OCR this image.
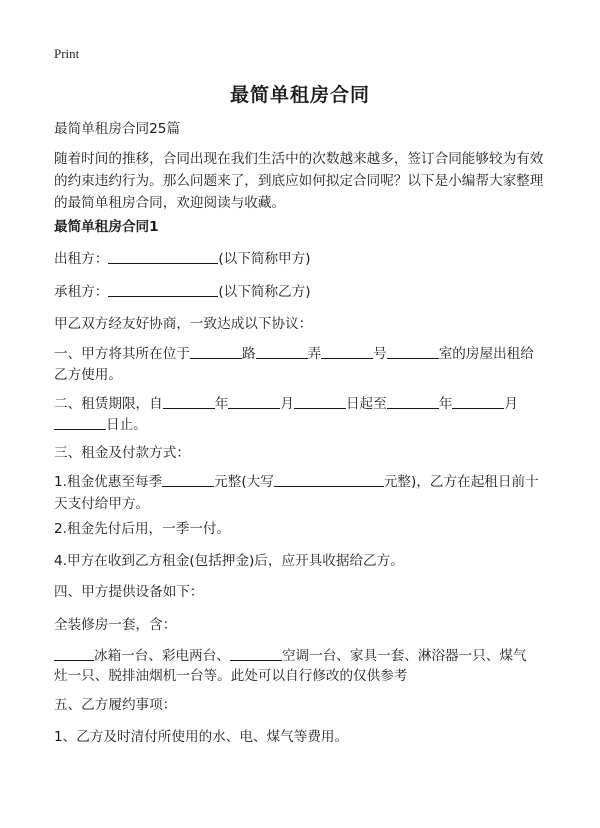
Print
最简单租房合同
最简单租房合同25篇
随着时间的推移，合同出现在我们生活中的次数越来越多，签订合同能够较为有效的约束违约行为。那么问题来了，到底应如何拟定合同呢？以下是小编帮大家整理的最简单租房合同，欢迎阅读与收藏。
最简单租房合同1
出租方：	(以下简称甲方)
承租方：	(以下简称乙方)
甲乙双方经友好协商，一致达成以下协议：
一、甲方将其所在位于	路	弄	号	室的房屋出租给
乙方使用。
二、租赁期限，自	年	月	日起至	年	月
日止。
三、租金及付款方式：
1.租金优惠至每季	元整(大写	元整)，乙方在起租日前十
天支付给甲方。
2.租金先付后用，一季一付。
4.甲方在收到乙方租金(包括押金)后，应开具收据给乙方。
四、甲方提供设备如下：
全装修房一套，含：
冰箱一台、彩电两台、	空调一台、家具一套、淋浴器一只、煤气
灶一只、脱排油烟机一台等。此处可以自行修改的仅供参考
五、乙方履约事项：
1、乙方及时清付所使用的水、电、煤气等费用。
